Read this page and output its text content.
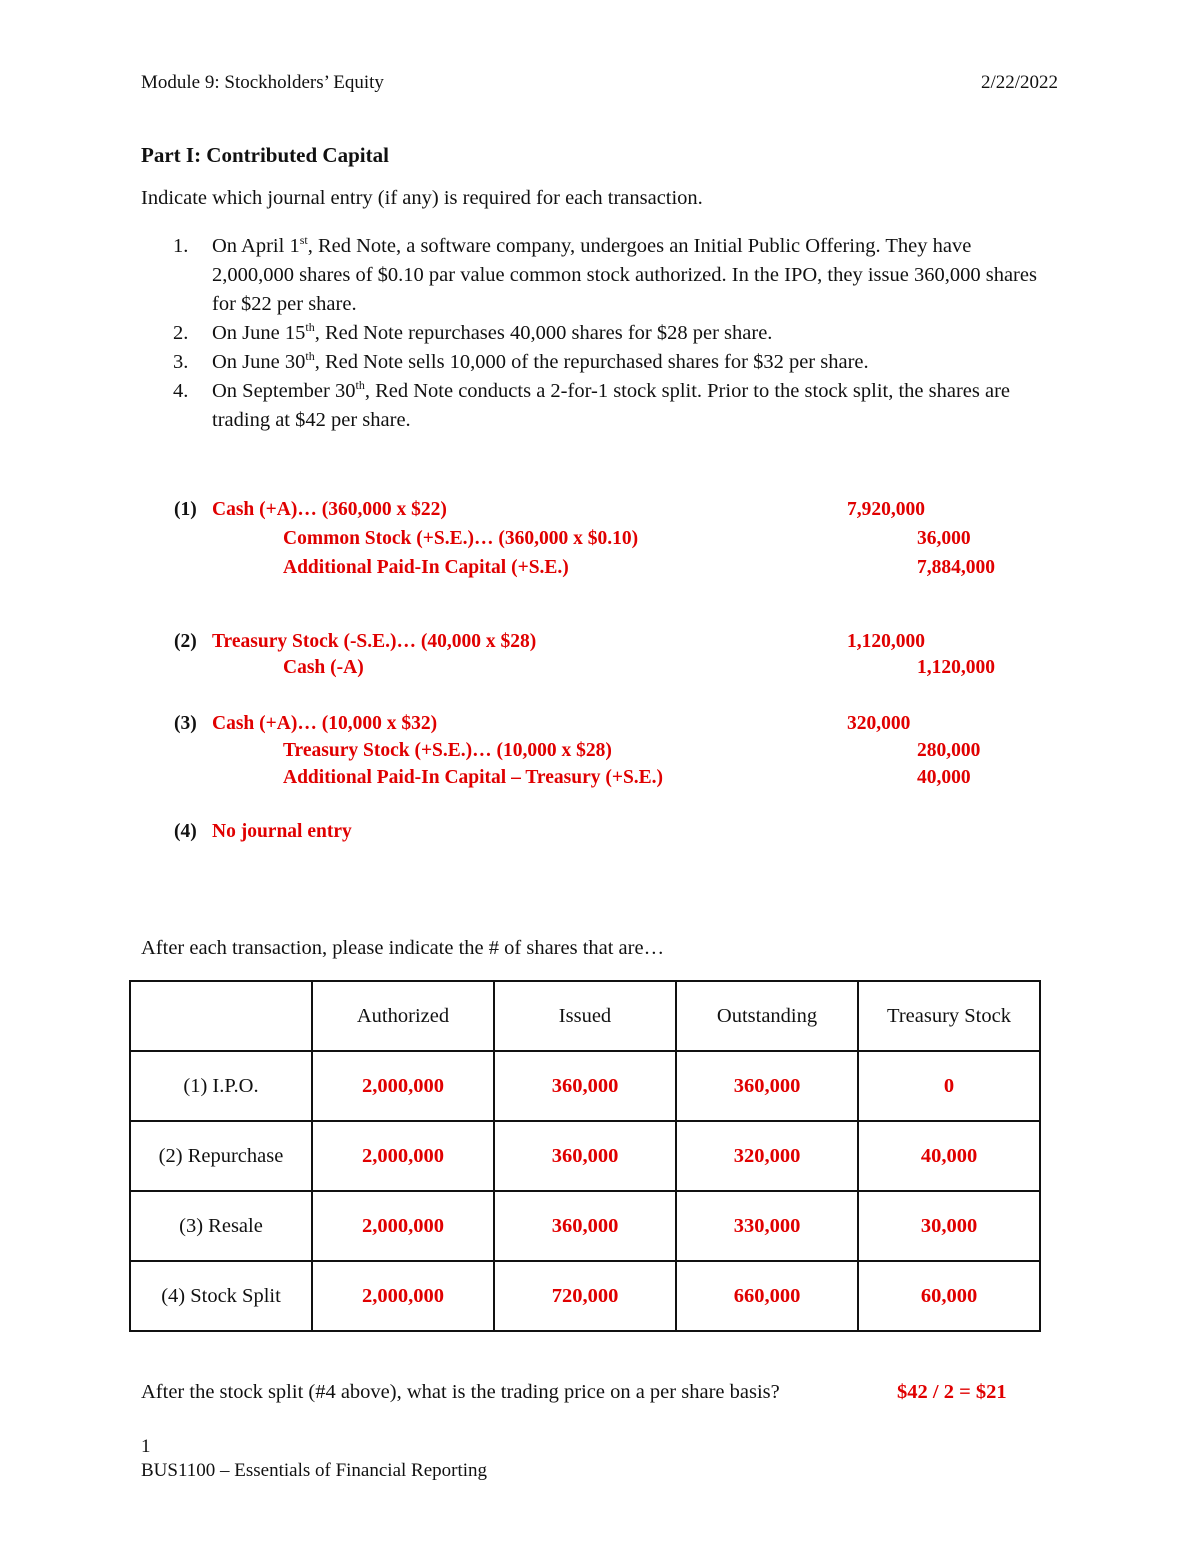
Module 9: Stockholders’ Equity	2/22/2022
Part I: Contributed Capital
Indicate which journal entry (if any) is required for each transaction.
1. On April 1st, Red Note, a software company, undergoes an Initial Public Offering. They have 2,000,000 shares of $0.10 par value common stock authorized. In the IPO, they issue 360,000 shares for $22 per share.
2. On June 15th, Red Note repurchases 40,000 shares for $28 per share.
3. On June 30th, Red Note sells 10,000 of the repurchased shares for $32 per share.
4. On September 30th, Red Note conducts a 2-for-1 stock split. Prior to the stock split, the shares are trading at $42 per share.
(1) Cash (+A)… (360,000 x $22)	7,920,000
Common Stock (+S.E.)… (360,000 x $0.10)	36,000
Additional Paid-In Capital (+S.E.)	7,884,000
(2) Treasury Stock (-S.E.)… (40,000 x $28)	1,120,000
Cash (-A)	1,120,000
(3) Cash (+A)… (10,000 x $32)	320,000
Treasury Stock (+S.E.)… (10,000 x $28)	280,000
Additional Paid-In Capital – Treasury (+S.E.)	40,000
(4) No journal entry
After each transaction, please indicate the # of shares that are…
	Authorized	Issued	Outstanding	Treasury Stock
(1) I.P.O.	2,000,000	360,000	360,000	0
(2) Repurchase	2,000,000	360,000	320,000	40,000
(3) Resale	2,000,000	360,000	330,000	30,000
(4) Stock Split	2,000,000	720,000	660,000	60,000
After the stock split (#4 above), what is the trading price on a per share basis?	$42 / 2 = $21
1
BUS1100 – Essentials of Financial Reporting
